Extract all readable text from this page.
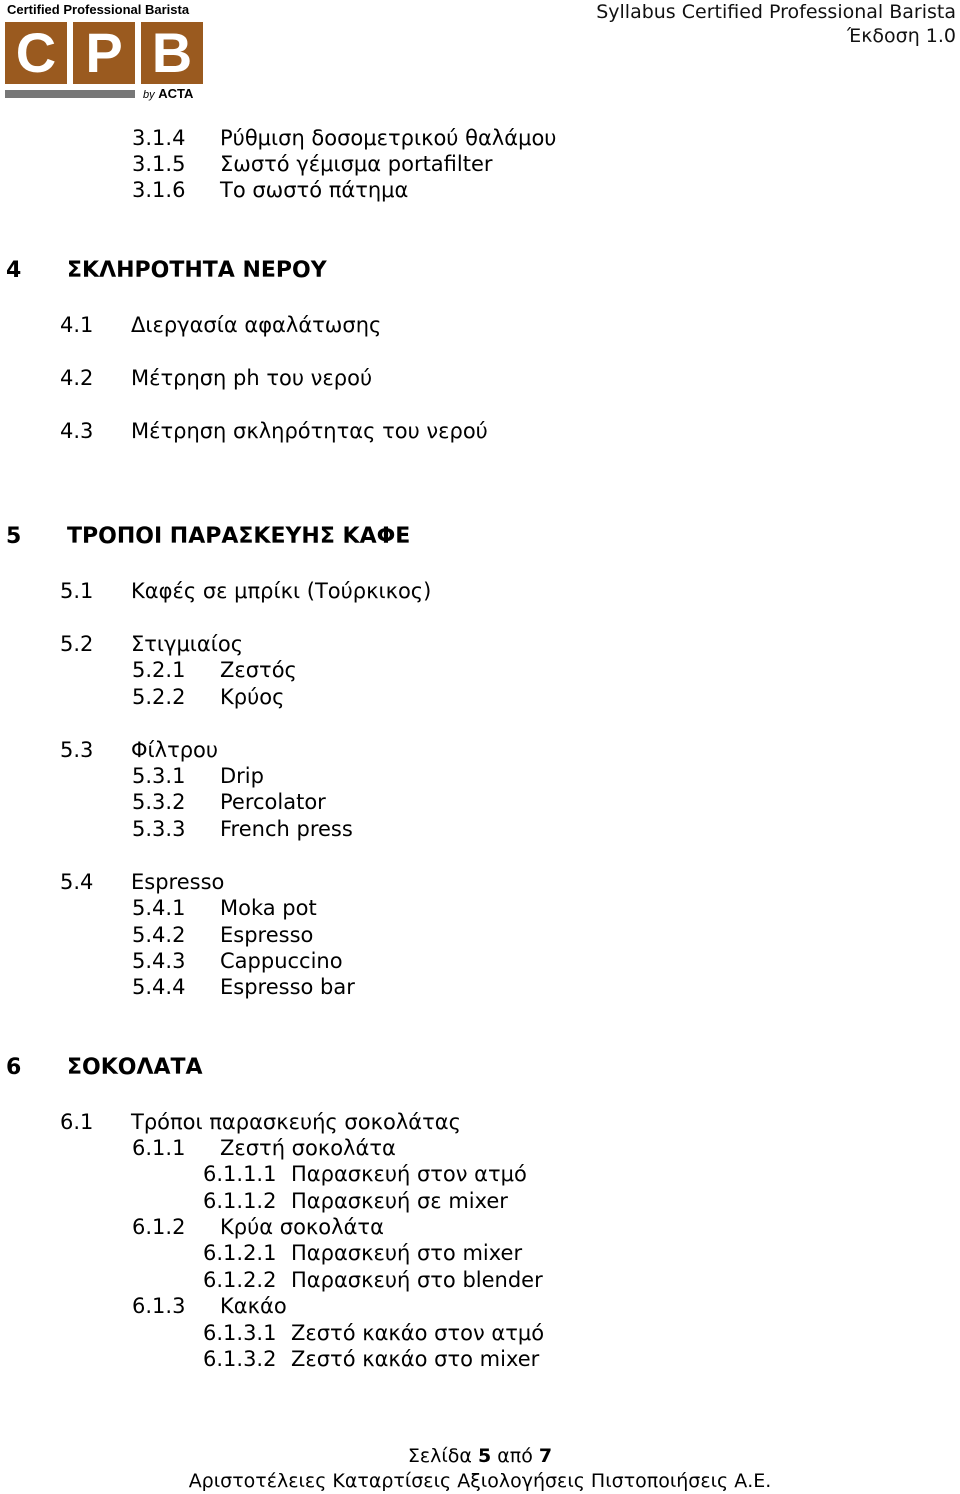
Certified Professional Barista
C P B
by ACTA
Syllabus Certified Professional Barista
Έκδοση 1.0
3.1.4 Ρύθμιση δοσομετρικού θαλάμου
3.1.5 Σωστό γέμισμα portafilter
3.1.6 Το σωστό πάτημα
4 ΣΚΛΗΡΟΤΗΤΑ ΝΕΡΟΥ
4.1 Διεργασία αφαλάτωσης
4.2 Μέτρηση ph του νερού
4.3 Μέτρηση σκληρότητας του νερού
5 ΤΡΟΠΟΙ ΠΑΡΑΣΚΕΥΗΣ ΚΑΦΕ
5.1 Καφές σε μπρίκι (Τούρκικος)
5.2 Στιγμιαίος
5.2.1 Ζεστός
5.2.2 Κρύος
5.3 Φίλτρου
5.3.1 Drip
5.3.2 Percolator
5.3.3 French press
5.4 Espresso
5.4.1 Moka pot
5.4.2 Espresso
5.4.3 Cappuccino
5.4.4 Espresso bar
6 ΣΟΚΟΛΑΤΑ
6.1 Τρόποι παρασκευής σοκολάτας
6.1.1 Ζεστή σοκολάτα
6.1.1.1 Παρασκευή στον ατμό
6.1.1.2 Παρασκευή σε mixer
6.1.2 Κρύα σοκολάτα
6.1.2.1 Παρασκευή στο mixer
6.1.2.2 Παρασκευή στο blender
6.1.3 Κακάο
6.1.3.1 Ζεστό κακάο στον ατμό
6.1.3.2 Ζεστό κακάο στο mixer
Σελίδα 5 από 7
Αριστοτέλειες Καταρτίσεις Αξιολογήσεις Πιστοποιήσεις Α.Ε.
